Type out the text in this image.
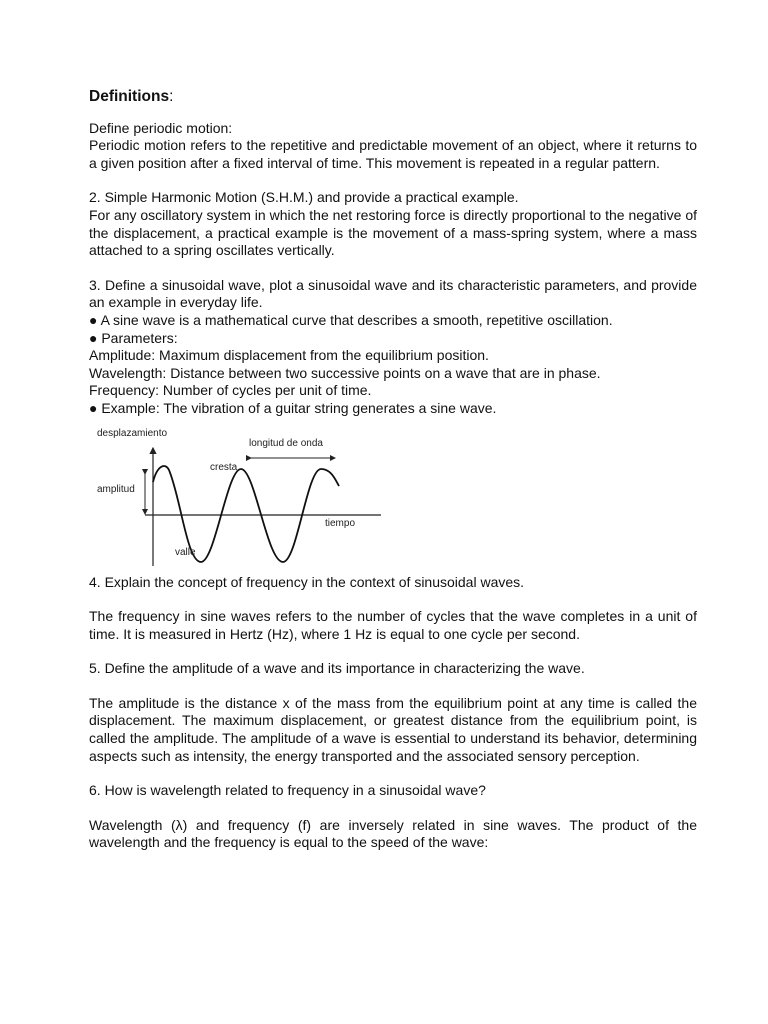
Definitions:

Define periodic motion:

Periodic motion refers to the repetitive and predictable movement of an object, where it returns to a given position after a fixed interval of time. This movement is repeated in a regular pattern.

2. Simple Harmonic Motion (S.H.M.) and provide a practical example.

For any oscillatory system in which the net restoring force is directly proportional to the negative of the displacement, a practical example is the movement of a mass-spring system, where a mass attached to a spring oscillates vertically.

3. Define a sinusoidal wave, plot a sinusoidal wave and its characteristic parameters, and provide an example in everyday life.

● A sine wave is a mathematical curve that describes a smooth, repetitive oscillation.

● Parameters:

Amplitude: Maximum displacement from the equilibrium position.

Wavelength: Distance between two successive points on a wave that are in phase.

Frequency: Number of cycles per unit of time.

● Example: The vibration of a guitar string generates a sine wave.

desplazamiento
longitud de onda
cresta
amplitud
tiempo
valle

4. Explain the concept of frequency in the context of sinusoidal waves.

The frequency in sine waves refers to the number of cycles that the wave completes in a unit of time. It is measured in Hertz (Hz), where 1 Hz is equal to one cycle per second.

5. Define the amplitude of a wave and its importance in characterizing the wave.

The amplitude is the distance x of the mass from the equilibrium point at any time is called the displacement. The maximum displacement, or greatest distance from the equilibrium point, is called the amplitude. The amplitude of a wave is essential to understand its behavior, determining aspects such as intensity, the energy transported and the associated sensory perception.

6. How is wavelength related to frequency in a sinusoidal wave?

Wavelength (λ) and frequency (f) are inversely related in sine waves. The product of the wavelength and the frequency is equal to the speed of the wave:
